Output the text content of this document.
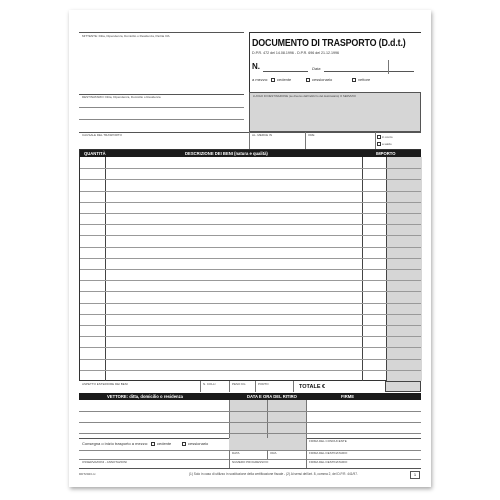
MITTENTE: Ditta, Dipendenza, Domicilio o Residenza, Partita IVA
DOCUMENTO DI TRASPORTO (D.d.t.)
D.P.R. 472 del 14.08.1996 - D.P.R. 696 del 21.12.1996
N.	Data
a mezzo: cedente	cessionario	vettore
DESTINATARIO: Ditta, Dipendenza, Domicilio o Residenza	LUOGO DI DESTINAZIONE (se diverso dall'indirizzo del destinatario) O SERVIZIO
CAUSALE DEL TRASPORTO	AL. MERCE IN	ORE	in conto
a saldo
QUANTITÀ	DESCRIZIONE DEI BENI (natura e qualità)	IMPORTO
ASPETTO ESTERIORE DEI BENI	N. COLLI	PESO KG	PORTO	TOTALE €
VETTORE: ditta, domicilio o residenza	DATA E ORA DEL RITIRO	FIRME
Consegna o inizio trasporto a mezzo: cedente	cessionario	FIRMA DEL CONDUCENTE
DATA	ORA	FIRMA DEL DESTINATARIO
OSSERVAZIONI - ANNOTAZIONI	NUMERO PROGRESSIVO	FIRMA DEL DESTINATARIO
DDT2023 cc	(1) Solo in caso di utilizzo in sostituzione della certificazione fiscale - (2) Ai sensi dell'art. 8, comma 2, del D.P.R. 441/97.	1
